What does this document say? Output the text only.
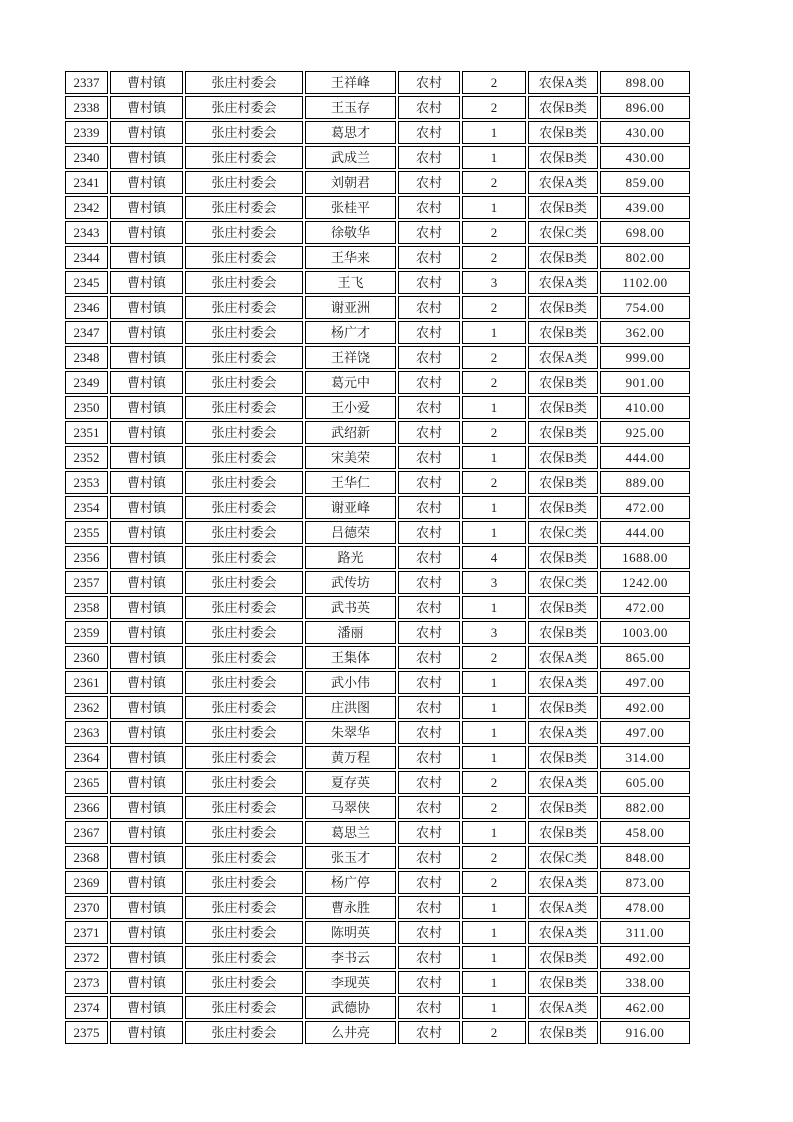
2337	曹村镇	张庄村委会	王祥峰	农村	2	农保A类	898.00
2338	曹村镇	张庄村委会	王玉存	农村	2	农保B类	896.00
2339	曹村镇	张庄村委会	葛思才	农村	1	农保B类	430.00
2340	曹村镇	张庄村委会	武成兰	农村	1	农保B类	430.00
2341	曹村镇	张庄村委会	刘朝君	农村	2	农保A类	859.00
2342	曹村镇	张庄村委会	张桂平	农村	1	农保B类	439.00
2343	曹村镇	张庄村委会	徐敬华	农村	2	农保C类	698.00
2344	曹村镇	张庄村委会	王华来	农村	2	农保B类	802.00
2345	曹村镇	张庄村委会	王飞	农村	3	农保A类	1102.00
2346	曹村镇	张庄村委会	谢亚洲	农村	2	农保B类	754.00
2347	曹村镇	张庄村委会	杨广才	农村	1	农保B类	362.00
2348	曹村镇	张庄村委会	王祥饶	农村	2	农保A类	999.00
2349	曹村镇	张庄村委会	葛元中	农村	2	农保B类	901.00
2350	曹村镇	张庄村委会	王小爱	农村	1	农保B类	410.00
2351	曹村镇	张庄村委会	武绍新	农村	2	农保B类	925.00
2352	曹村镇	张庄村委会	宋美荣	农村	1	农保B类	444.00
2353	曹村镇	张庄村委会	王华仁	农村	2	农保B类	889.00
2354	曹村镇	张庄村委会	谢亚峰	农村	1	农保B类	472.00
2355	曹村镇	张庄村委会	吕德荣	农村	1	农保C类	444.00
2356	曹村镇	张庄村委会	路光	农村	4	农保B类	1688.00
2357	曹村镇	张庄村委会	武传坊	农村	3	农保C类	1242.00
2358	曹村镇	张庄村委会	武书英	农村	1	农保B类	472.00
2359	曹村镇	张庄村委会	潘丽	农村	3	农保B类	1003.00
2360	曹村镇	张庄村委会	王集体	农村	2	农保A类	865.00
2361	曹村镇	张庄村委会	武小伟	农村	1	农保A类	497.00
2362	曹村镇	张庄村委会	庄洪图	农村	1	农保B类	492.00
2363	曹村镇	张庄村委会	朱翠华	农村	1	农保A类	497.00
2364	曹村镇	张庄村委会	黄万程	农村	1	农保B类	314.00
2365	曹村镇	张庄村委会	夏存英	农村	2	农保A类	605.00
2366	曹村镇	张庄村委会	马翠侠	农村	2	农保B类	882.00
2367	曹村镇	张庄村委会	葛思兰	农村	1	农保B类	458.00
2368	曹村镇	张庄村委会	张玉才	农村	2	农保C类	848.00
2369	曹村镇	张庄村委会	杨广停	农村	2	农保A类	873.00
2370	曹村镇	张庄村委会	曹永胜	农村	1	农保A类	478.00
2371	曹村镇	张庄村委会	陈明英	农村	1	农保A类	311.00
2372	曹村镇	张庄村委会	李书云	农村	1	农保B类	492.00
2373	曹村镇	张庄村委会	李现英	农村	1	农保B类	338.00
2374	曹村镇	张庄村委会	武德协	农村	1	农保A类	462.00
2375	曹村镇	张庄村委会	么井亮	农村	2	农保B类	916.00
